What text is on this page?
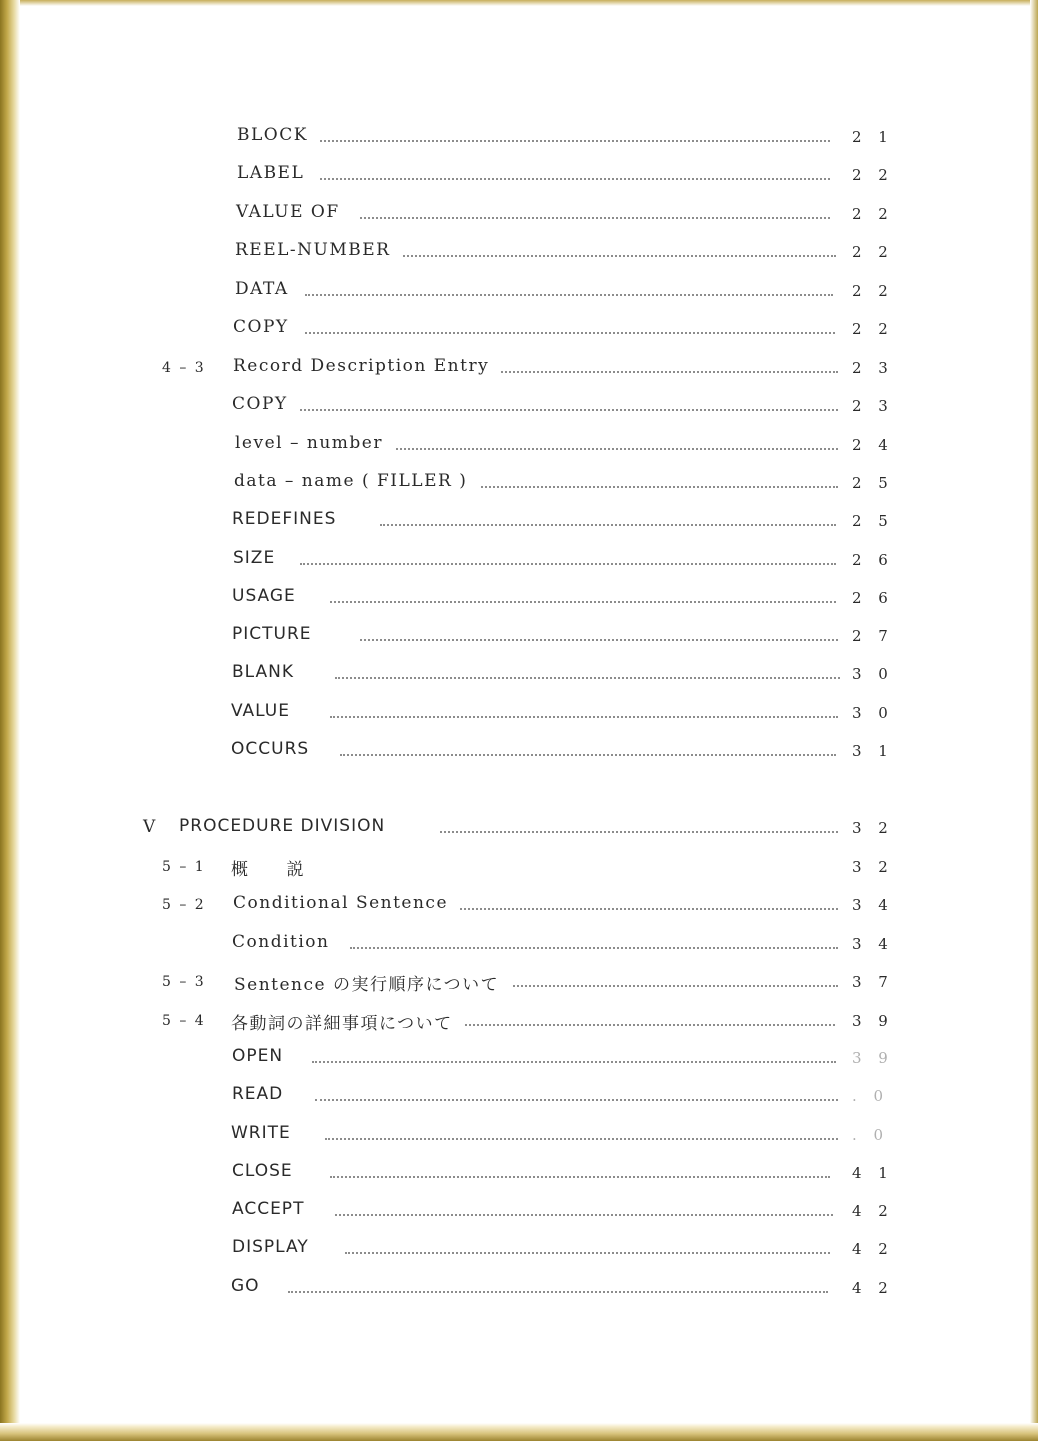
BLOCK	2 1
LABEL	2 2
VALUE OF	2 2
REEL-NUMBER	2 2
DATA	2 2
COPY	2 2
4 – 3 Record Description Entry	2 3
COPY	2 3
level – number	2 4
data – name ( FILLER )	2 5
REDEFINES	2 5
SIZE	2 6
USAGE	2 6
PICTURE	2 7
BLANK	3 0
VALUE	3 0
OCCURS	3 1
V PROCEDURE DIVISION	3 2
5 – 1 概　　説	3 2
5 – 2 Conditional Sentence	3 4
Condition	3 4
5 – 3 Sentence の実行順序について	3 7
5 – 4 各動詞の詳細事項について	3 9
OPEN	3 9
READ	. 0
WRITE	. 0
CLOSE	4 1
ACCEPT	4 2
DISPLAY	4 2
GO	4 2
